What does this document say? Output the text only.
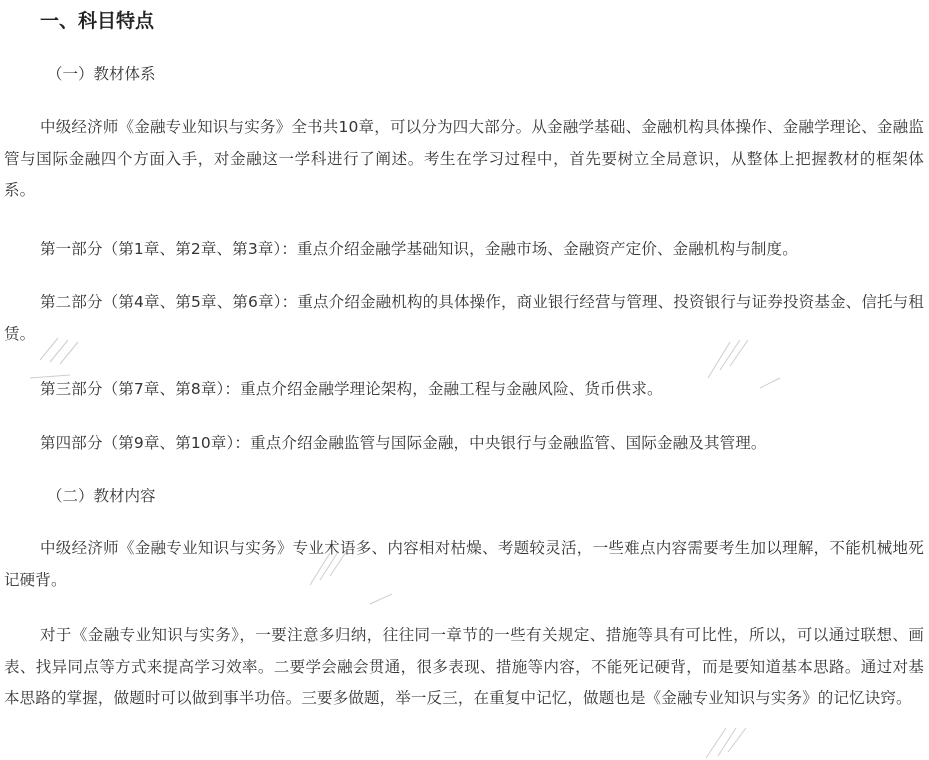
一、科目特点
（一）教材体系
中级经济师《金融专业知识与实务》全书共10章，可以分为四大部分。从金融学基础、金融机构具体操作、金融学理论、金融监管与国际金融四个方面入手，对金融这一学科进行了阐述。考生在学习过程中，首先要树立全局意识，从整体上把握教材的框架体系。
第一部分（第1章、第2章、第3章）：重点介绍金融学基础知识，金融市场、金融资产定价、金融机构与制度。
第二部分（第4章、第5章、第6章）：重点介绍金融机构的具体操作，商业银行经营与管理、投资银行与证券投资基金、信托与租赁。
第三部分（第7章、第8章）：重点介绍金融学理论架构，金融工程与金融风险、货币供求。
第四部分（第9章、第10章）：重点介绍金融监管与国际金融，中央银行与金融监管、国际金融及其管理。
（二）教材内容
中级经济师《金融专业知识与实务》专业术语多、内容相对枯燥、考题较灵活，一些难点内容需要考生加以理解，不能机械地死记硬背。
对于《金融专业知识与实务》，一要注意多归纳，往往同一章节的一些有关规定、措施等具有可比性，所以，可以通过联想、画表、找异同点等方式来提高学习效率。二要学会融会贯通，很多表现、措施等内容，不能死记硬背，而是要知道基本思路。通过对基本思路的掌握，做题时可以做到事半功倍。三要多做题，举一反三，在重复中记忆，做题也是《金融专业知识与实务》的记忆诀窍。
